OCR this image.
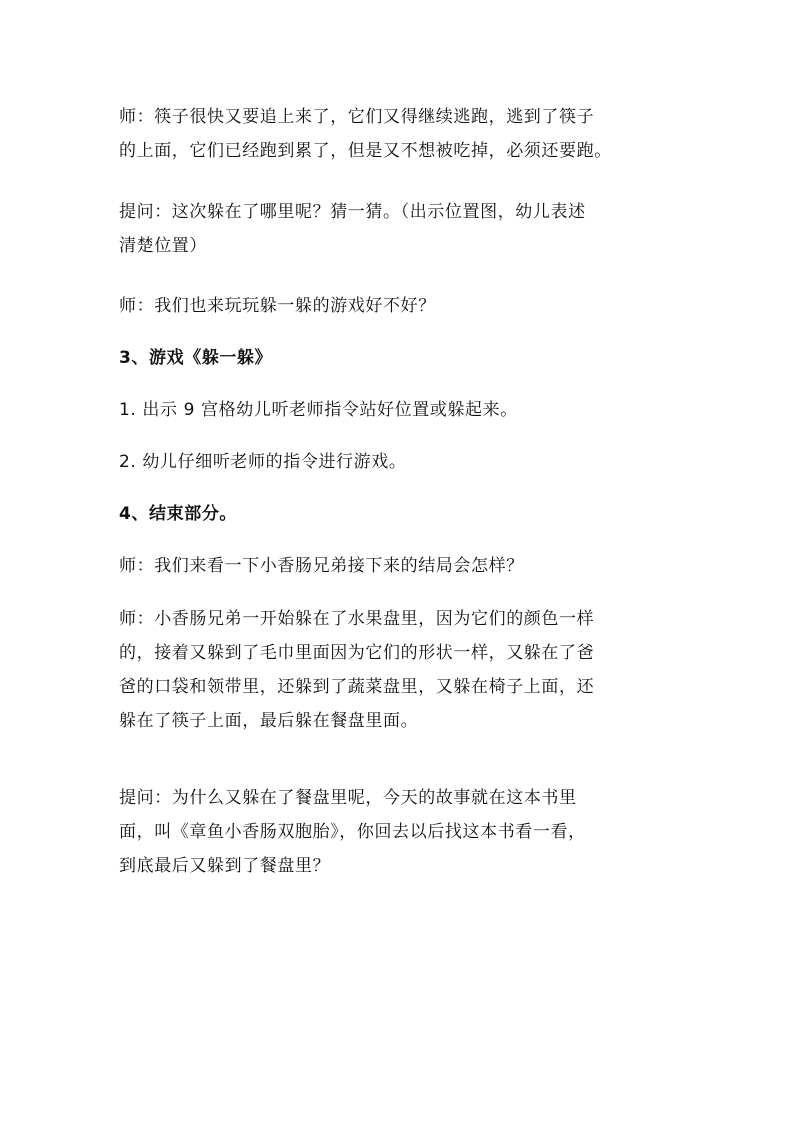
师：筷子很快又要追上来了，它们又得继续逃跑，逃到了筷子
的上面，它们已经跑到累了，但是又不想被吃掉，必须还要跑。

提问：这次躲在了哪里呢？猜一猜。（出示位置图，幼儿表述
清楚位置）

师：我们也来玩玩躲一躲的游戏好不好？

3、游戏《躲一躲》

1. 出示 9 宫格幼儿听老师指令站好位置或躲起来。

2. 幼儿仔细听老师的指令进行游戏。

4、结束部分。

师：我们来看一下小香肠兄弟接下来的结局会怎样？

师：小香肠兄弟一开始躲在了水果盘里，因为它们的颜色一样
的，接着又躲到了毛巾里面因为它们的形状一样，又躲在了爸
爸的口袋和领带里，还躲到了蔬菜盘里，又躲在椅子上面，还
躲在了筷子上面，最后躲在餐盘里面。

提问：为什么又躲在了餐盘里呢，今天的故事就在这本书里
面，叫《章鱼小香肠双胞胎》，你回去以后找这本书看一看，
到底最后又躲到了餐盘里？
